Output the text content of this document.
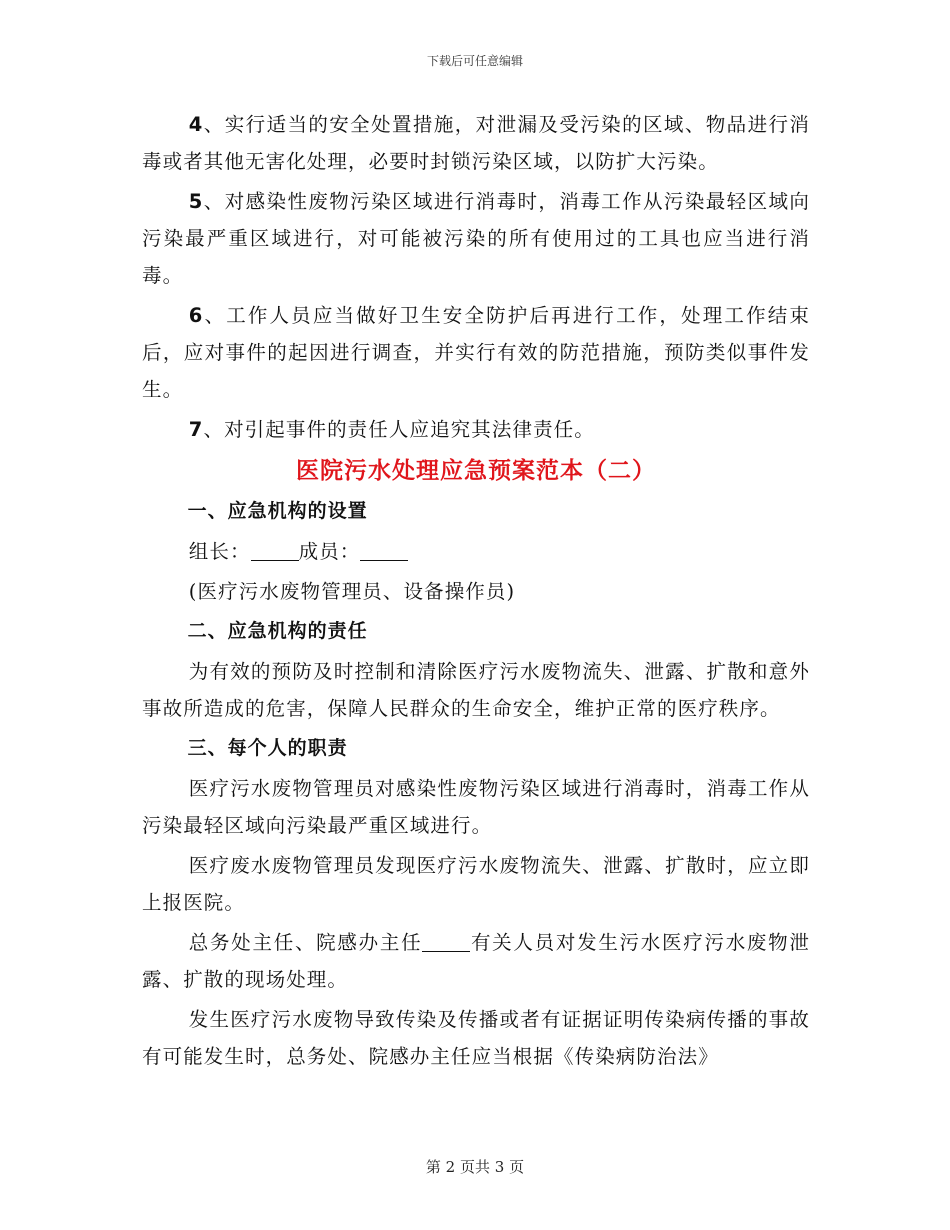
下载后可任意编辑

4、实行适当的安全处置措施，对泄漏及受污染的区域、物品进行消毒或者其他无害化处理，必要时封锁污染区域，以防扩大污染。

5、对感染性废物污染区域进行消毒时，消毒工作从污染最轻区域向污染最严重区域进行，对可能被污染的所有使用过的工具也应当进行消毒。

6、工作人员应当做好卫生安全防护后再进行工作，处理工作结束后，应对事件的起因进行调查，并实行有效的防范措施，预防类似事件发生。

7、对引起事件的责任人应追究其法律责任。

医院污水处理应急预案范本（二）
一、应急机构的设置

组长： 成员：

(医疗污水废物管理员、设备操作员)

二、应急机构的责任

为有效的预防及时控制和清除医疗污水废物流失、泄露、扩散和意外事故所造成的危害，保障人民群众的生命安全，维护正常的医疗秩序。

三、每个人的职责

医疗污水废物管理员对感染性废物污染区域进行消毒时，消毒工作从污染最轻区域向污染最严重区域进行。

医疗废水废物管理员发现医疗污水废物流失、泄露、扩散时，应立即上报医院。

总务处主任、院感办主任 有关人员对发生污水医疗污水废物泄露、扩散的现场处理。

发生医疗污水废物导致传染及传播或者有证据证明传染病传播的事故有可能发生时，总务处、院感办主任应当根据《传染病防治法》

第 2 页共 3 页
